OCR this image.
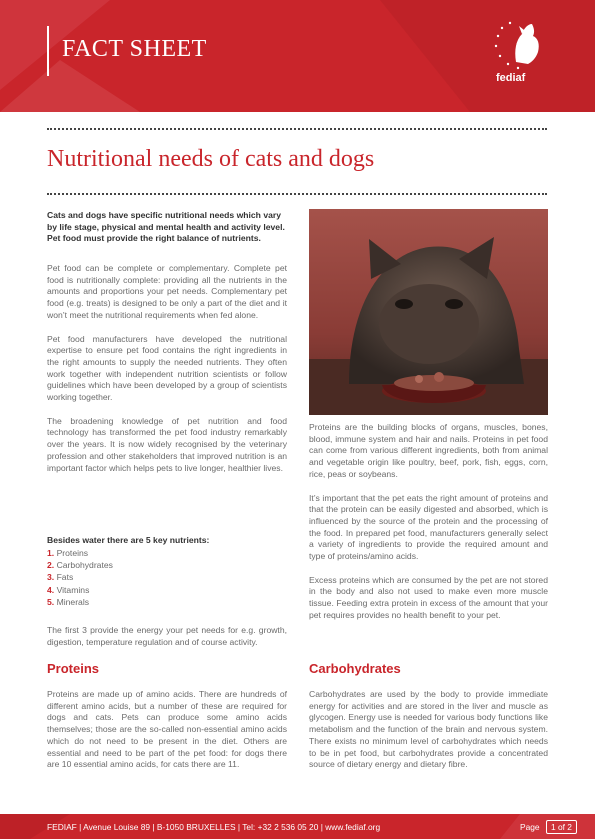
FACT SHEET
fediaf
Nutritional needs of cats and dogs
Cats and dogs have specific nutritional needs which vary by life stage, physical and mental health and activity level. Pet food must provide the right balance of nutrients.

Pet food can be complete or complementary. Complete pet food is nutritionally complete: providing all the nutrients in the amounts and proportions your pet needs. Complementary pet food (e.g. treats) is designed to be only a part of the diet and it won’t meet the nutritional requirements when fed alone.

Pet food manufacturers have developed the nutritional expertise to ensure pet food contains the right ingredients in the right amounts to supply the needed nutrients. They often work together with independent nutrition scientists or follow guidelines which have been developed by a group of scientists working together.

The broadening knowledge of pet nutrition and food technology has transformed the pet food industry remarkably over the years. It is now widely recognised by the veterinary profession and other stakeholders that improved nutrition is an important factor which helps pets to live longer, healthier lives.

Besides water there are 5 key nutrients:
1. Proteins
2. Carbohydrates
3. Fats
4. Vitamins
5. Minerals
The first 3 provide the energy your pet needs for e.g. growth, digestion, temperature regulation and of course activity.
Proteins
Proteins are made up of amino acids. There are hundreds of different amino acids, but a number of these are required for dogs and cats. Pets can produce some amino acids themselves; those are the so-called non-essential amino acids which do not need to be present in the diet. Others are essential and need to be part of the pet food: for dogs there are 10 essential amino acids, for cats there are 11.

Proteins are the building blocks of organs, muscles, bones, blood, immune system and hair and nails. Proteins in pet food can come from various different ingredients, both from animal and vegetable origin like poultry, beef, pork, fish, eggs, corn, rice, peas or soybeans.

It’s important that the pet eats the right amount of proteins and that the protein can be easily digested and absorbed, which is influenced by the source of the protein and the processing of the food. In prepared pet food, manufacturers generally select a variety of ingredients to provide the required amount and type of proteins/amino acids.

Excess proteins which are consumed by the pet are not stored in the body and also not used to make even more muscle tissue. Feeding extra protein in excess of the amount that your pet requires provides no health benefit to your pet.

Carbohydrates
Carbohydrates are used by the body to provide immediate energy for activities and are stored in the liver and muscle as glycogen. Energy use is needed for various body functions like metabolism and the function of the brain and nervous system. There exists no minimum level of carbohydrates which needs to be in pet food, but carbohydrates provide a concentrated source of dietary energy and dietary fibre.
FEDIAF | Avenue Louise 89 | B-1050 BRUXELLES | Tel: +32 2 536 05 20 | www.fediaf.org	Page	1 of 2
